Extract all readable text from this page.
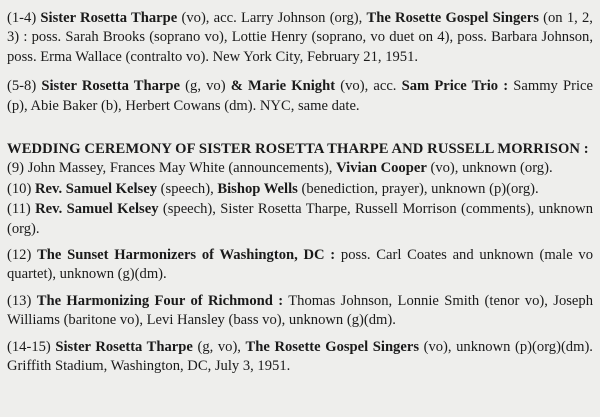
(1-4) Sister Rosetta Tharpe (vo), acc. Larry Johnson (org), The Rosette Gospel Singers (on 1, 2, 3) : poss. Sarah Brooks (soprano vo), Lottie Henry (soprano, vo duet on 4), poss. Barbara Johnson, poss. Erma Wallace (contralto vo). New York City, February 21, 1951.

(5-8) Sister Rosetta Tharpe (g, vo) & Marie Knight (vo), acc. Sam Price Trio : Sammy Price (p), Abie Baker (b), Herbert Cowans (dm). NYC, same date.

WEDDING CEREMONY OF SISTER ROSETTA THARPE AND RUSSELL MORRISON :

(9) John Massey, Frances May White (announcements), Vivian Cooper (vo), unknown (org).

(10) Rev. Samuel Kelsey (speech), Bishop Wells (benediction, prayer), unknown (p)(org).

(11) Rev. Samuel Kelsey (speech), Sister Rosetta Tharpe, Russell Morrison (comments), unknown (org).

(12) The Sunset Harmonizers of Washington, DC : poss. Carl Coates and unknown (male vo quartet), unknown (g)(dm).

(13) The Harmonizing Four of Richmond : Thomas Johnson, Lonnie Smith (tenor vo), Joseph Williams (baritone vo), Levi Hansley (bass vo), unknown (g)(dm).

(14-15) Sister Rosetta Tharpe (g, vo), The Rosette Gospel Singers (vo), unknown (p)(org)(dm). Griffith Stadium, Washington, DC, July 3, 1951.
